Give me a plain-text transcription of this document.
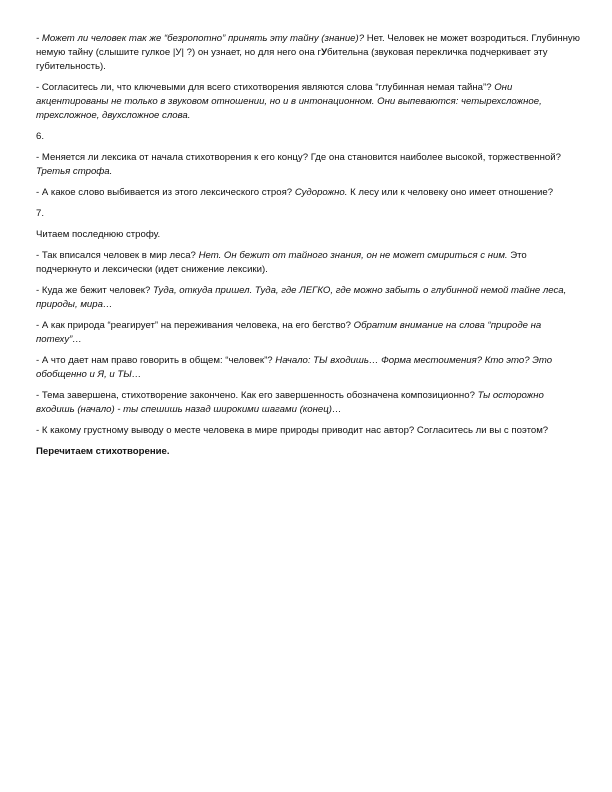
- Может ли человек так же “безропотно” принять эту тайну (знание)? Нет. Человек не может возродиться. Глубинную немую тайну (слышите гулкое |У| ?) он узнает, но для него она гУбительна (звуковая перекличка подчеркивает эту губительность).

- Согласитесь ли, что ключевыми для всего стихотворения являются слова “глубинная немая тайна”? Они акцентированы не только в звуковом отношении, но и в интонационном. Они выпеваются: четырехсложное, трехсложное, двухсложное слова.

6.

- Меняется ли лексика от начала стихотворения к его концу? Где она становится наиболее высокой, торжественной? Третья строфа.

- А какое слово выбивается из этого лексического строя? Судорожно. К лесу или к человеку оно имеет отношение?

7.

Читаем последнюю строфу.

- Так вписался человек в мир леса? Нет. Он бежит от тайного знания, он не может смириться с ним. Это подчеркнуто и лексически (идет снижение лексики).

- Куда же бежит человек? Туда, откуда пришел. Туда, где ЛЕГКО, где можно забыть о глубинной немой тайне леса, природы, мира…

- А как природа “реагирует” на переживания человека, на его бегство? Обратим внимание на слова “природе на потеху”…

- А что дает нам право говорить в общем: “человек”? Начало: ТЫ входишь… Форма местоимения? Кто это? Это обобщенно и Я, и ТЫ…

- Тема завершена, стихотворение закончено. Как его завершенность обозначена композиционно? Ты осторожно входишь (начало) - ты спешишь назад широкими шагами (конец)…

- К какому грустному выводу о месте человека в мире природы приводит нас автор? Согласитесь ли вы с поэтом?

Перечитаем стихотворение.
